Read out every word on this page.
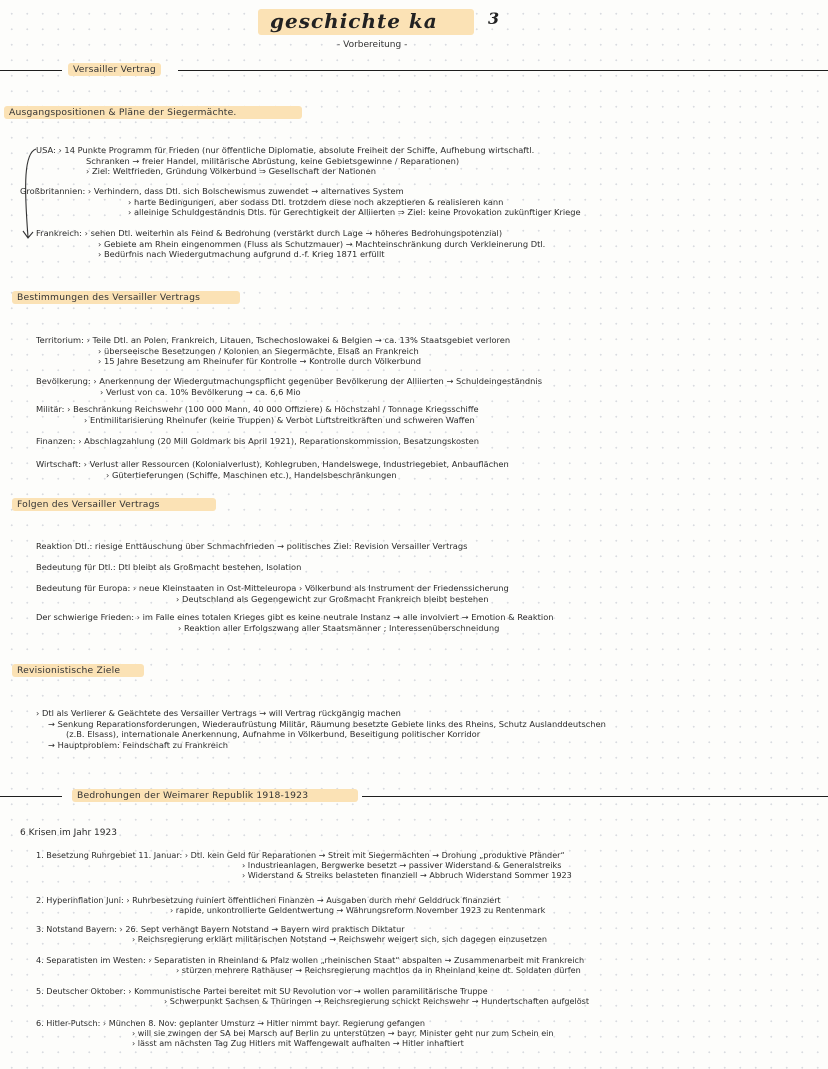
geschichte ka	3
- Vorbereitung -
Versailler Vertrag
Ausgangspositionen & Pläne der Siegermächte.
USA: › 14 Punkte Programm für Frieden (nur öffentliche Diplomatie, absolute Freiheit der Schiffe, Aufhebung wirtschaftl.
Schranken → freier Handel, militärische Abrüstung, keine Gebietsgewinne / Reparationen)
› Ziel: Weltfrieden, Gründung Völkerbund ⇒ Gesellschaft der Nationen
Großbritannien: › Verhindern, dass Dtl. sich Bolschewismus zuwendet → alternatives System
› harte Bedingungen, aber sodass Dtl. trotzdem diese noch akzeptieren & realisieren kann
› alleinige Schuldgeständnis Dtls. für Gerechtigkeit der Alliierten ⇒ Ziel: keine Provokation zukünftiger Kriege
Frankreich: › sehen Dtl. weiterhin als Feind & Bedrohung (verstärkt durch Lage → höheres Bedrohungspotenzial)
› Gebiete am Rhein eingenommen (Fluss als Schutzmauer) → Machteinschränkung durch Verkleinerung Dtl.
› Bedürfnis nach Wiedergutmachung aufgrund d.-f. Krieg 1871 erfüllt
Bestimmungen des Versailler Vertrags
Territorium: › Teile Dtl. an Polen, Frankreich, Litauen, Tschechoslowakei & Belgien → ca. 13% Staatsgebiet verloren
› überseeische Besetzungen / Kolonien an Siegermächte, Elsaß an Frankreich
› 15 Jahre Besetzung am Rheinufer für Kontrolle → Kontrolle durch Völkerbund
Bevölkerung: › Anerkennung der Wiedergutmachungspflicht gegenüber Bevölkerung der Alliierten → Schuldeingeständnis
› Verlust von ca. 10% Bevölkerung → ca. 6,6 Mio
Militär: › Beschränkung Reichswehr (100 000 Mann, 40 000 Offiziere) & Höchstzahl / Tonnage Kriegsschiffe
› Entmilitarisierung Rheinufer (keine Truppen) & Verbot Luftstreitkräften und schweren Waffen
Finanzen: › Abschlagzahlung (20 Mill Goldmark bis April 1921), Reparationskommission, Besatzungskosten
Wirtschaft: › Verlust aller Ressourcen (Kolonialverlust), Kohlegruben, Handelswege, Industriegebiet, Anbauflächen
› Gütertieferungen (Schiffe, Maschinen etc.), Handelsbeschränkungen
Folgen des Versailler Vertrags
Reaktion Dtl.: riesige Enttäuschung über Schmachfrieden → politisches Ziel: Revision Versailler Vertrags
Bedeutung für Dtl.: Dtl bleibt als Großmacht bestehen, Isolation
Bedeutung für Europa: › neue Kleinstaaten in Ost-Mitteleuropa › Völkerbund als Instrument der Friedenssicherung
› Deutschland als Gegengewicht zur Großmacht Frankreich bleibt bestehen
Der schwierige Frieden: › im Falle eines totalen Krieges gibt es keine neutrale Instanz → alle involviert → Emotion & Reaktion
› Reaktion aller Erfolgszwang aller Staatsmänner ; Interessenüberschneidung
Revisionistische Ziele
› Dtl als Verlierer & Geächtete des Versailler Vertrags → will Vertrag rückgängig machen
→ Senkung Reparationsforderungen, Wiederaufrüstung Militär, Räumung besetzte Gebiete links des Rheins, Schutz Auslanddeutschen
(z.B. Elsass), internationale Anerkennung, Aufnahme in Völkerbund, Beseitigung politischer Korridor
→ Hauptproblem: Feindschaft zu Frankreich
Bedrohungen der Weimarer Republik 1918-1923
6 Krisen im Jahr 1923
1. Besetzung Ruhrgebiet 11. Januar: › Dtl. kein Geld für Reparationen → Streit mit Siegermächten → Drohung „produktive Pfänder“
› Industrieanlagen, Bergwerke besetzt → passiver Widerstand & Generalstreiks
› Widerstand & Streiks belasteten finanziell → Abbruch Widerstand Sommer 1923
2. Hyperinflation Juni: › Ruhrbesetzung ruiniert öffentlichen Finanzen → Ausgaben durch mehr Gelddruck finanziert
› rapide, unkontrollierte Geldentwertung → Währungsreform November 1923 zu Rentenmark
3. Notstand Bayern: › 26. Sept verhängt Bayern Notstand → Bayern wird praktisch Diktatur
› Reichsregierung erklärt militärischen Notstand → Reichswehr weigert sich, sich dagegen einzusetzen
4. Separatisten im Westen: › Separatisten in Rheinland & Pfalz wollen „rheinischen Staat“ abspalten → Zusammenarbeit mit Frankreich
› stürzen mehrere Rathäuser → Reichsregierung machtlos da in Rheinland keine dt. Soldaten dürfen
5. Deutscher Oktober: › Kommunistische Partei bereitet mit SU Revolution vor → wollen paramilitärische Truppe
› Schwerpunkt Sachsen & Thüringen → Reichsregierung schickt Reichswehr → Hundertschaften aufgelöst
6. Hitler-Putsch: › München 8. Nov: geplanter Umsturz → Hitler nimmt bayr. Regierung gefangen
› will sie zwingen der SA bei Marsch auf Berlin zu unterstützen → bayr. Minister geht nur zum Schein ein
› lässt am nächsten Tag Zug Hitlers mit Waffengewalt aufhalten → Hitler inhaftiert
